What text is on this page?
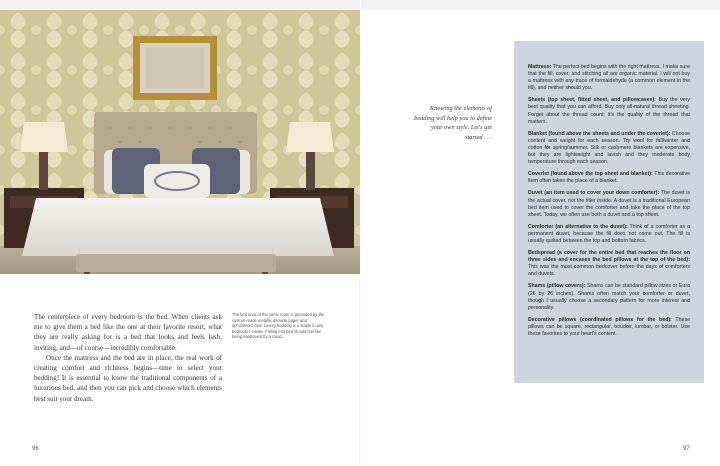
The centerpiece of every bedroom is the bed. When clients ask me to give them a bed like the one at their favorite resort, what they are really asking for is a bed that looks and feels lush, inviting, and—of course—incredibly comfortable.

Once the mattress and the bed are in place, the real work of creating comfort and richness begins—time to select your bedding! It is essential to know the traditional components of a luxurious bed, and then you can pick and choose which elements best suit your dream.

The bed area of the same room is grounded by the custom-made metallic damask paper and upholstered bed. Luxury bedding is a staple in any bedroom I create. Falling into bed should feel like being swallowed by a cloud.
Knowing the elements of bedding will help you to define your own style. Let's get started . . .

Mattress: The perfect bed begins with the right mattress. I make sure that the fill, cover, and stitching all are organic material. I will not buy a mattress with any trace of formaldehyde (a common element in the fill), and neither should you.

Sheets (top sheet, fitted sheet, and pillowcases): Buy the very best quality that you can afford. Buy only all-natural thread sheeting. Forget about the thread count; it's the quality of the thread that matters.

Blanket (found above the sheets and under the coverlet): Choose content and weight for each season. Try wool for fall/winter and cotton for spring/summer. Silk or cashmere blankets are expensive, but they are lightweight and lavish and they moderate body temperature through each season.

Coverlet (found above the top sheet and blanket): This decorative item often takes the place of a blanket.

Duvet (an item used to cover your down comforter): The duvet is the actual cover, not the filler inside. A duvet is a traditional European bed item used to cover the comforter and take the place of the top sheet. Today, we often use both a duvet and a top sheet.

Comforter (an alternative to the duvet): Think of a comforter as a permanent duvet, because the fill does not come out. The fill is usually quilted between the top and bottom fabrics.

Bedspread (a cover for the entire bed that reaches the floor on three sides and encases the bed pillows at the top of the bed): This was the most common bedcover before the days of comforters and duvets.

Shams (pillow covers): Shams can be standard pillow sizes or Euro (26 by 26 inches). Shams often match your comforter or duvet, though I usually choose a secondary pattern for more interest and personality.

Decorative pillows (coordinated pillows for the bed): These pillows can be square, rectangular, boudoir, lumbar, or bolster. Use these favorites to your heart's content.

96	97
